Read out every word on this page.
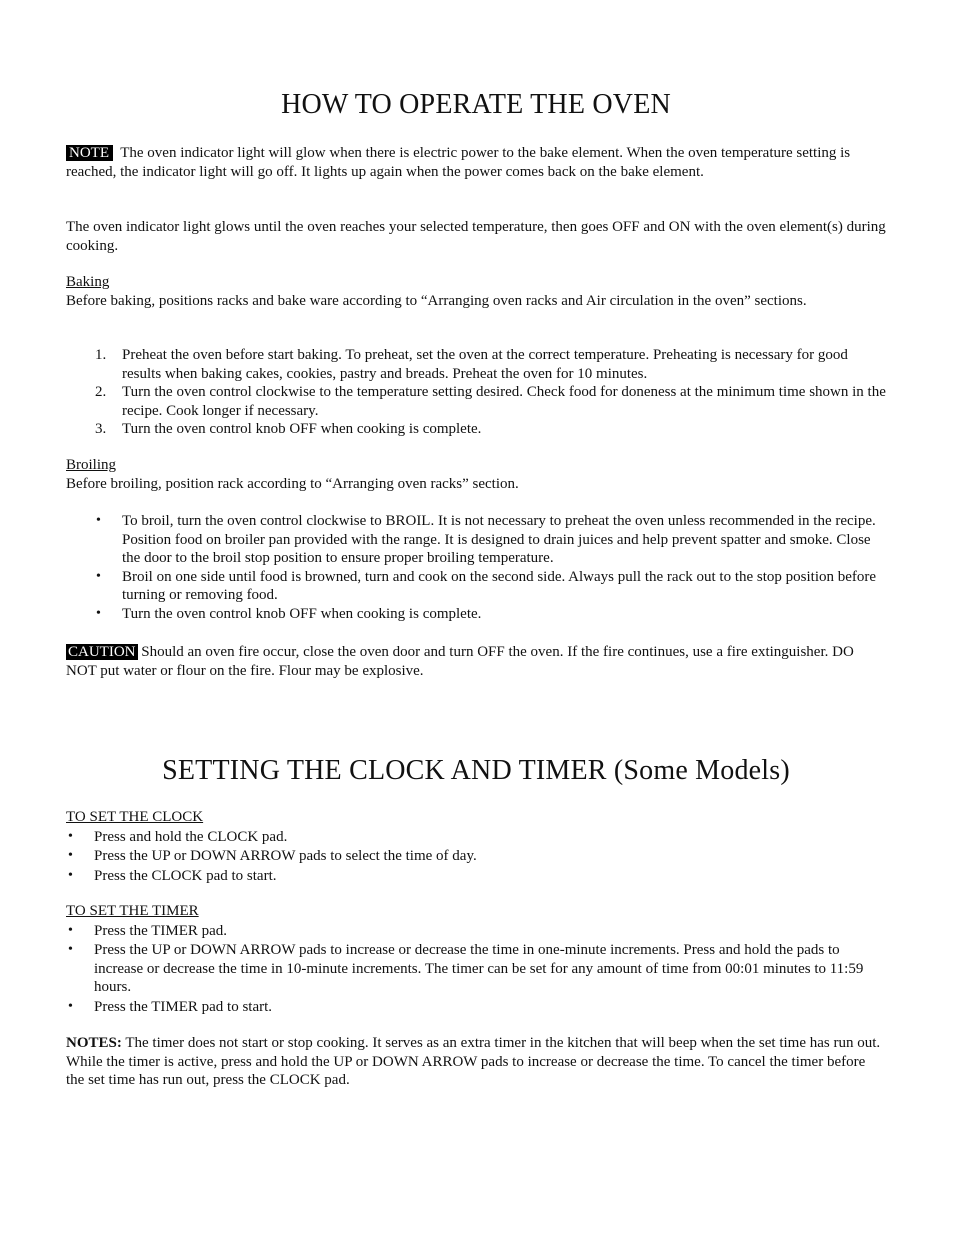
HOW TO OPERATE THE OVEN

NOTE The oven indicator light will glow when there is electric power to the bake element. When the oven temperature setting is reached, the indicator light will go off. It lights up again when the power comes back on the bake element.

The oven indicator light glows until the oven reaches your selected temperature, then goes OFF and ON with the oven element(s) during cooking.

Baking

Before baking, positions racks and bake ware according to “Arranging oven racks and Air circulation in the oven” sections.

1. Preheat the oven before start baking. To preheat, set the oven at the correct temperature. Preheating is necessary for good results when baking cakes, cookies, pastry and breads. Preheat the oven for 10 minutes.
2. Turn the oven control clockwise to the temperature setting desired. Check food for doneness at the minimum time shown in the recipe. Cook longer if necessary.
3. Turn the oven control knob OFF when cooking is complete.

Broiling

Before broiling, position rack according to “Arranging oven racks” section.

• To broil, turn the oven control clockwise to BROIL. It is not necessary to preheat the oven unless recommended in the recipe. Position food on broiler pan provided with the range. It is designed to drain juices and help prevent spatter and smoke. Close the door to the broil stop position to ensure proper broiling temperature.
• Broil on one side until food is browned, turn and cook on the second side. Always pull the rack out to the stop position before turning or removing food.
• Turn the oven control knob OFF when cooking is complete.

CAUTION Should an oven fire occur, close the oven door and turn OFF the oven. If the fire continues, use a fire extinguisher. DO NOT put water or flour on the fire. Flour may be explosive.

SETTING THE CLOCK AND TIMER (Some Models)

TO SET THE CLOCK

• Press and hold the CLOCK pad.
• Press the UP or DOWN ARROW pads to select the time of day.
• Press the CLOCK pad to start.

TO SET THE TIMER

• Press the TIMER pad.
• Press the UP or DOWN ARROW pads to increase or decrease the time in one-minute increments. Press and hold the pads to increase or decrease the time in 10-minute increments. The timer can be set for any amount of time from 00:01 minutes to 11:59 hours.
• Press the TIMER pad to start.

NOTES: The timer does not start or stop cooking. It serves as an extra timer in the kitchen that will beep when the set time has run out. While the timer is active, press and hold the UP or DOWN ARROW pads to increase or decrease the time. To cancel the timer before the set time has run out, press the CLOCK pad.
